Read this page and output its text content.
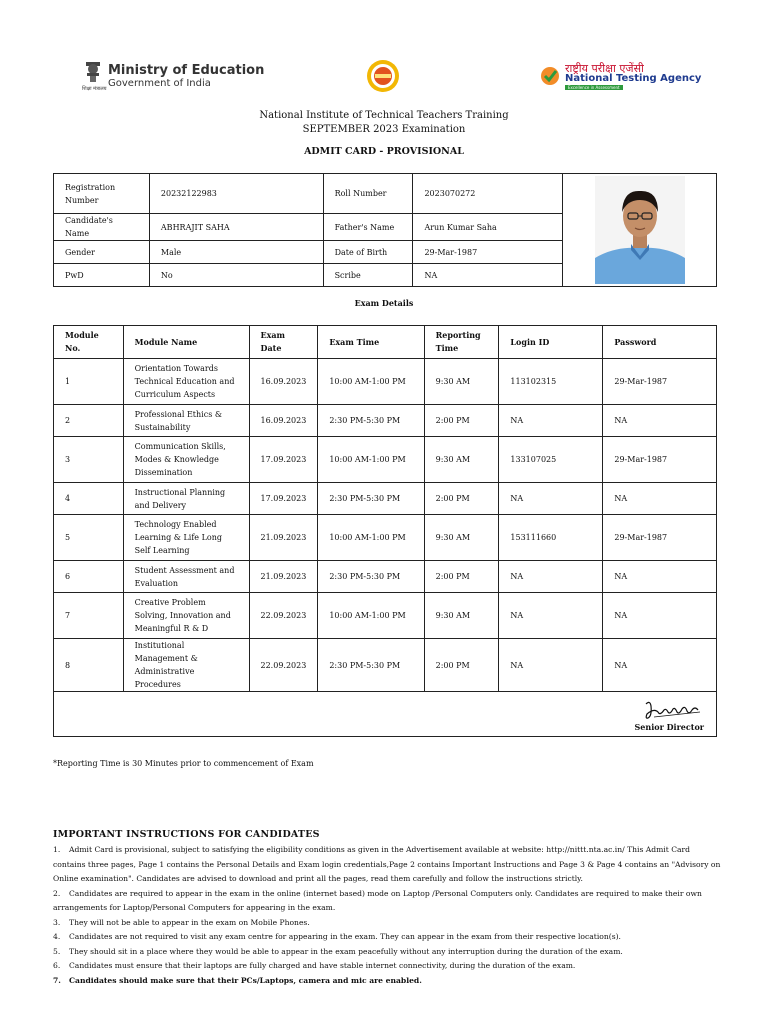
Ministry of Education
Government of India
शिक्षा मंत्रालय
राष्ट्रीय परीक्षा एजेंसी
National Testing Agency
Excellence in Assessment
National Institute of Technical Teachers Training
SEPTEMBER 2023 Examination
ADMIT CARD - PROVISIONAL
Registration Number	20232122983	Roll Number	2023070272	

Candidate's Name	ABHRAJIT SAHA	Father's Name	Arun Kumar Saha	
Gender	Male	Date of Birth	29-Mar-1987	
PwD	No	Scribe	NA	
Exam Details
Module No.	Module Name	Exam Date	Exam Time	Reporting Time	Login ID	Password
1	Orientation Towards Technical Education and Curriculum Aspects	16.09.2023	10:00 AM-1:00 PM	9:30 AM	113102315	29-Mar-1987
2	Professional Ethics & Sustainability	16.09.2023	2:30 PM-5:30 PM	2:00 PM	NA	NA
3	Communication Skills, Modes & Knowledge Dissemination	17.09.2023	10:00 AM-1:00 PM	9:30 AM	133107025	29-Mar-1987
4	Instructional Planning and Delivery	17.09.2023	2:30 PM-5:30 PM	2:00 PM	NA	NA
5	Technology Enabled Learning & Life Long Self Learning	21.09.2023	10:00 AM-1:00 PM	9:30 AM	153111660	29-Mar-1987
6	Student Assessment and Evaluation	21.09.2023	2:30 PM-5:30 PM	2:00 PM	NA	NA
7	Creative Problem Solving, Innovation and Meaningful R & D	22.09.2023	10:00 AM-1:00 PM	9:30 AM	NA	NA
8	Institutional Management & Administrative Procedures	22.09.2023	2:30 PM-5:30 PM	2:00 PM	NA	NA
Senior Director
*Reporting Time is 30 Minutes prior to commencement of Exam
IMPORTANT INSTRUCTIONS FOR CANDIDATES

1. Admit Card is provisional, subject to satisfying the eligibility conditions as given in the Advertisement available at website: http://nittt.nta.ac.in/ This Admit Card contains three pages, Page 1 contains the Personal Details and Exam login credentials,Page 2 contains Important Instructions and Page 3 & Page 4 contains an "Advisory on Online examination". Candidates are advised to download and print all the pages, read them carefully and follow the instructions strictly.

2. Candidates are required to appear in the exam in the online (internet based) mode on Laptop /Personal Computers only. Candidates are required to make their own arrangements for Laptop/Personal Computers for appearing in the exam.

3. They will not be able to appear in the exam on Mobile Phones.

4. Candidates are not required to visit any exam centre for appearing in the exam. They can appear in the exam from their respective location(s).

5. They should sit in a place where they would be able to appear in the exam peacefully without any interruption during the duration of the exam.

6. Candidates must ensure that their laptops are fully charged and have stable internet connectivity, during the duration of the exam.

7. Candidates should make sure that their PCs/Laptops, camera and mic are enabled.
